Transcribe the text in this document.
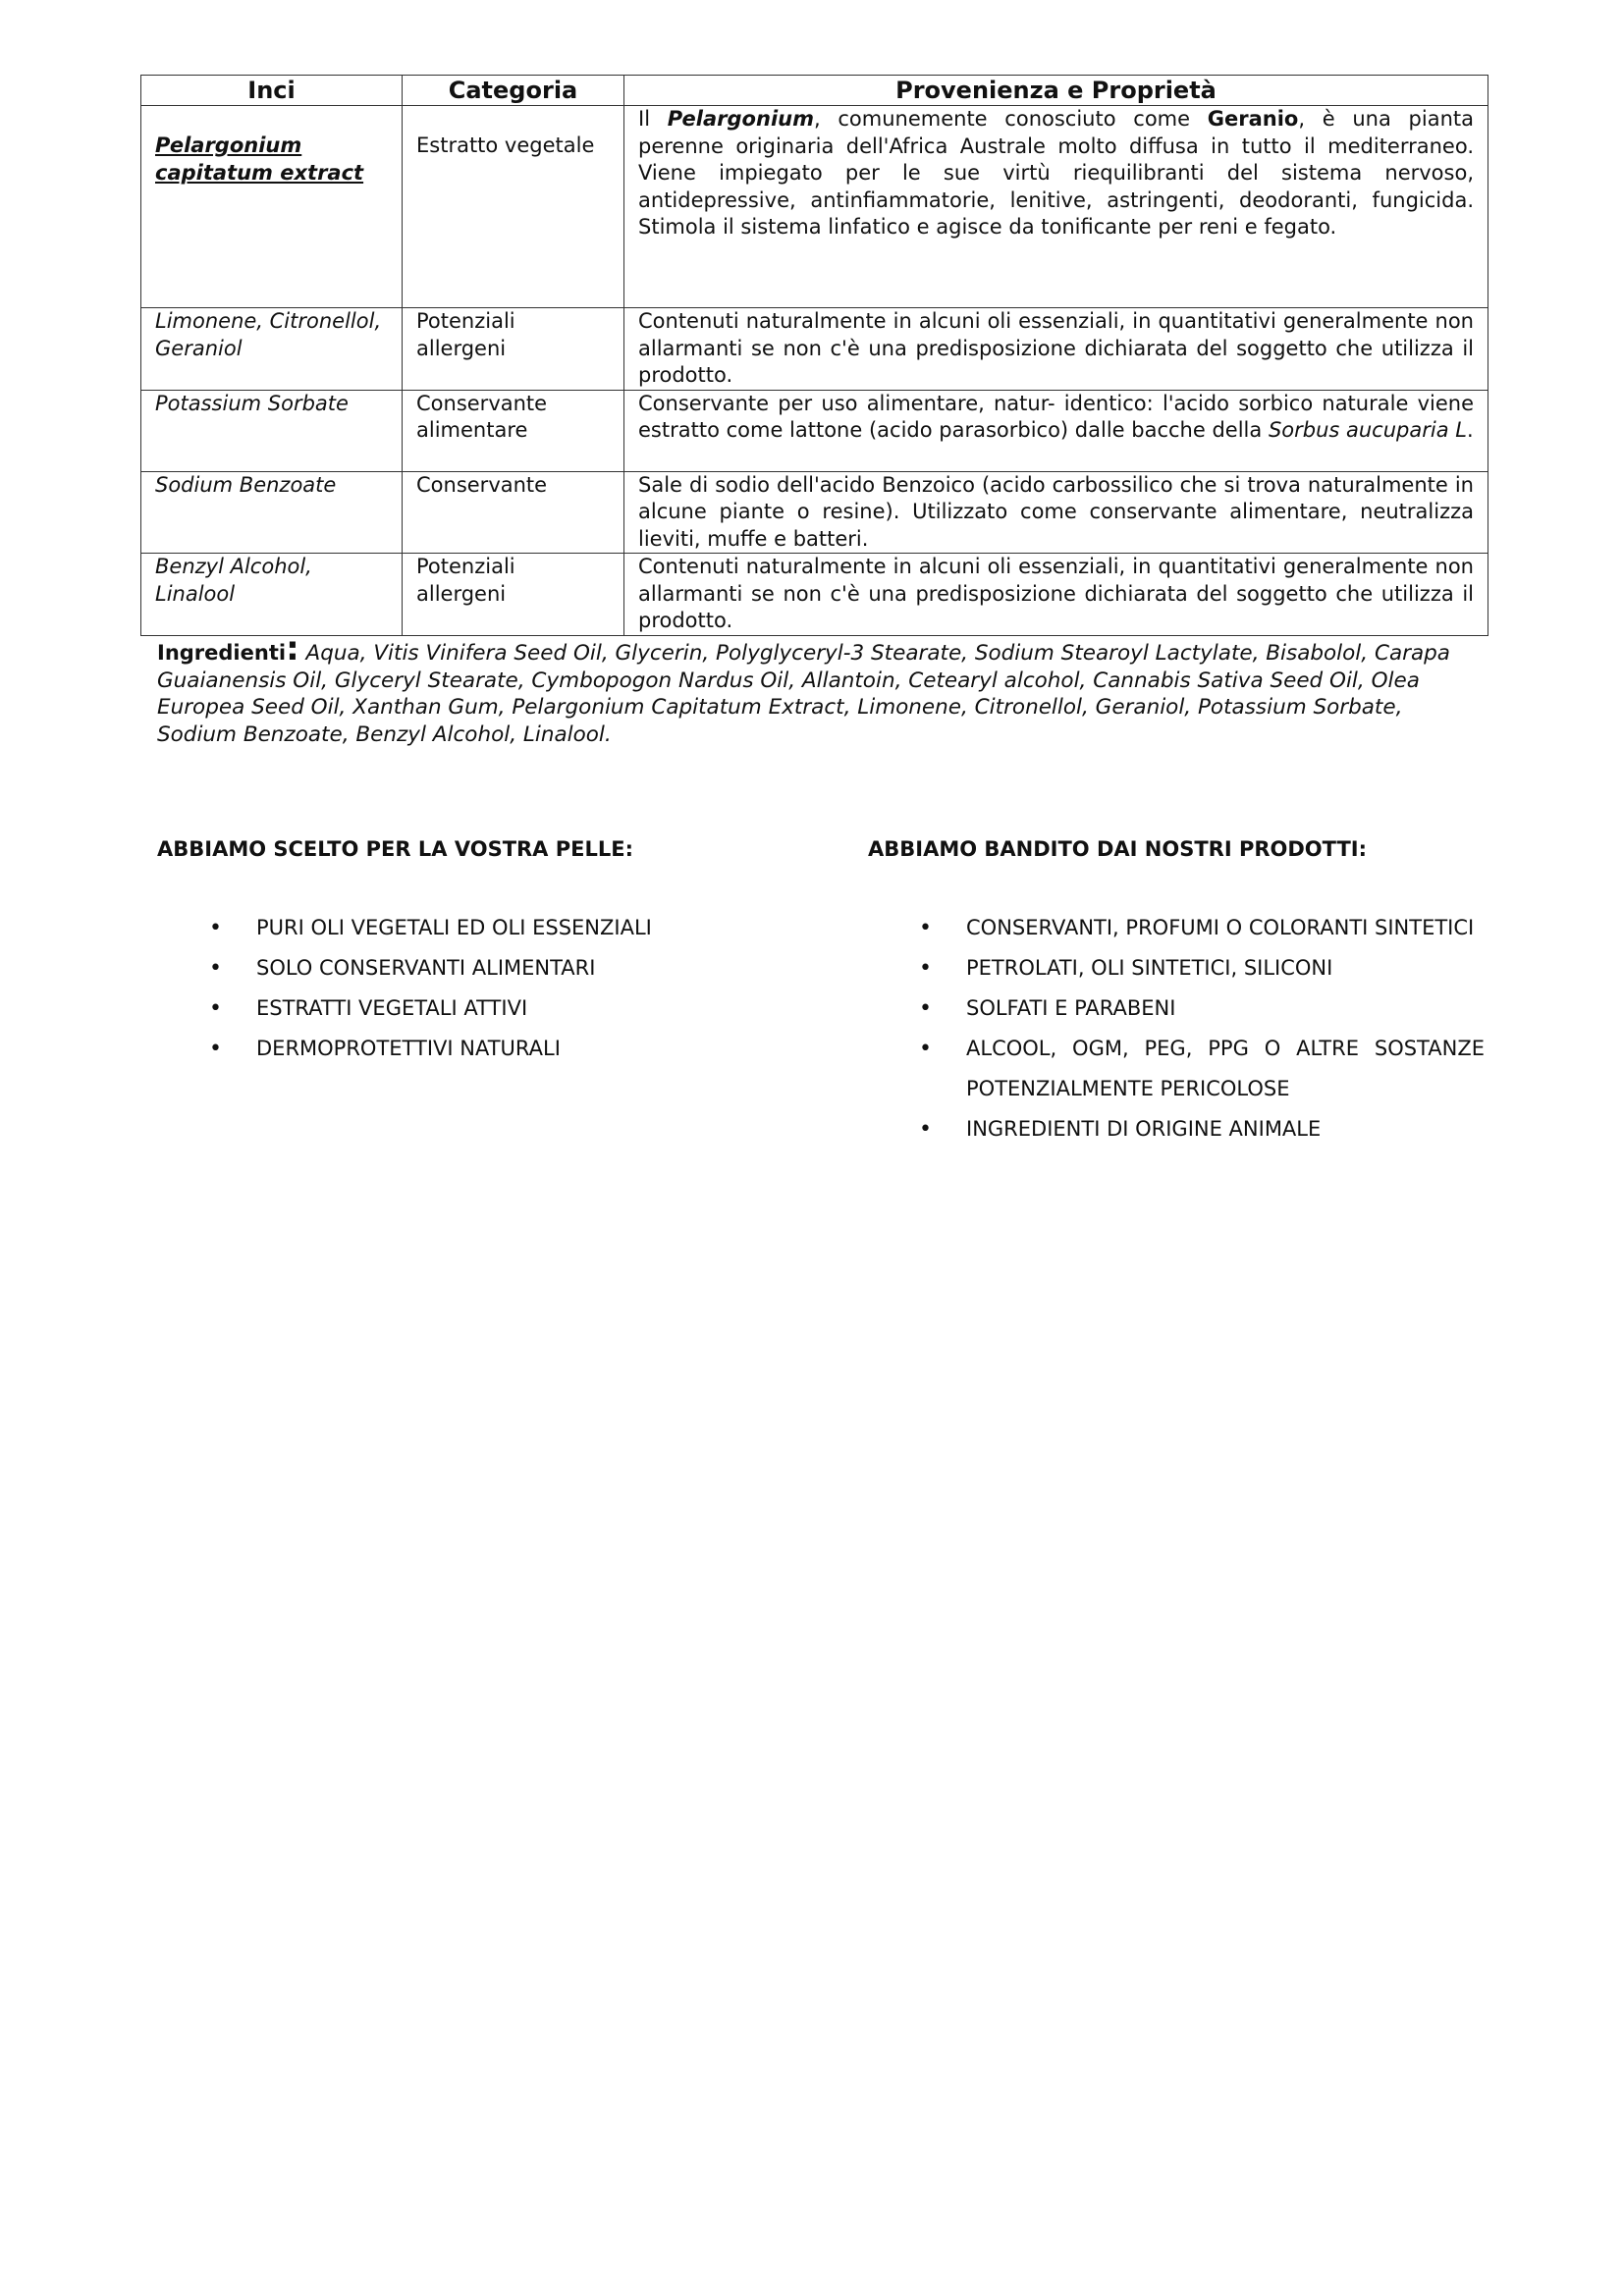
Inci	Categoria	Provenienza e Proprietà
Pelargonium capitatum extract	Estratto vegetale	Il Pelargonium, comunemente conosciuto come Geranio, è una pianta perenne originaria dell'Africa Australe molto diffusa in tutto il mediterraneo. Viene impiegato per le sue virtù riequilibranti del sistema nervoso, antidepressive, antinfiammatorie, lenitive, astringenti, deodoranti, fungicida. Stimola il sistema linfatico e agisce da tonificante per reni e fegato.
Limonene, Citronellol, Geraniol	Potenziali allergeni	Contenuti naturalmente in alcuni oli essenziali, in quantitativi generalmente non allarmanti se non c'è una predisposizione dichiarata del soggetto che utilizza il prodotto.
Potassium Sorbate	Conservante alimentare	Conservante per uso alimentare, natur- identico: l'acido sorbico naturale viene estratto come lattone (acido parasorbico) dalle bacche della Sorbus aucuparia L.
Sodium Benzoate	Conservante	Sale di sodio dell'acido Benzoico (acido carbossilico che si trova naturalmente in alcune piante o resine). Utilizzato come conservante alimentare, neutralizza lieviti, muffe e batteri.
Benzyl Alcohol, Linalool	Potenziali allergeni	Contenuti naturalmente in alcuni oli essenziali, in quantitativi generalmente non allarmanti se non c'è una predisposizione dichiarata del soggetto che utilizza il prodotto.
Ingredienti: Aqua, Vitis Vinifera Seed Oil, Glycerin, Polyglyceryl-3 Stearate, Sodium Stearoyl Lactylate, Bisabolol, Carapa Guaianensis Oil, Glyceryl Stearate, Cymbopogon Nardus Oil, Allantoin, Cetearyl alcohol, Cannabis Sativa Seed Oil, Olea Europea Seed Oil, Xanthan Gum, Pelargonium Capitatum Extract, Limonene, Citronellol, Geraniol, Potassium Sorbate, Sodium Benzoate, Benzyl Alcohol, Linalool.
ABBIAMO SCELTO PER LA VOSTRA PELLE:
• PURI OLI VEGETALI ED OLI ESSENZIALI
• SOLO CONSERVANTI ALIMENTARI
• ESTRATTI VEGETALI ATTIVI
• DERMOPROTETTIVI NATURALI
ABBIAMO BANDITO DAI NOSTRI PRODOTTI:
• CONSERVANTI, PROFUMI O COLORANTI SINTETICI
• PETROLATI, OLI SINTETICI, SILICONI
• SOLFATI E PARABENI
• ALCOOL, OGM, PEG, PPG O ALTRE SOSTANZE POTENZIALMENTE PERICOLOSE
• INGREDIENTI DI ORIGINE ANIMALE
